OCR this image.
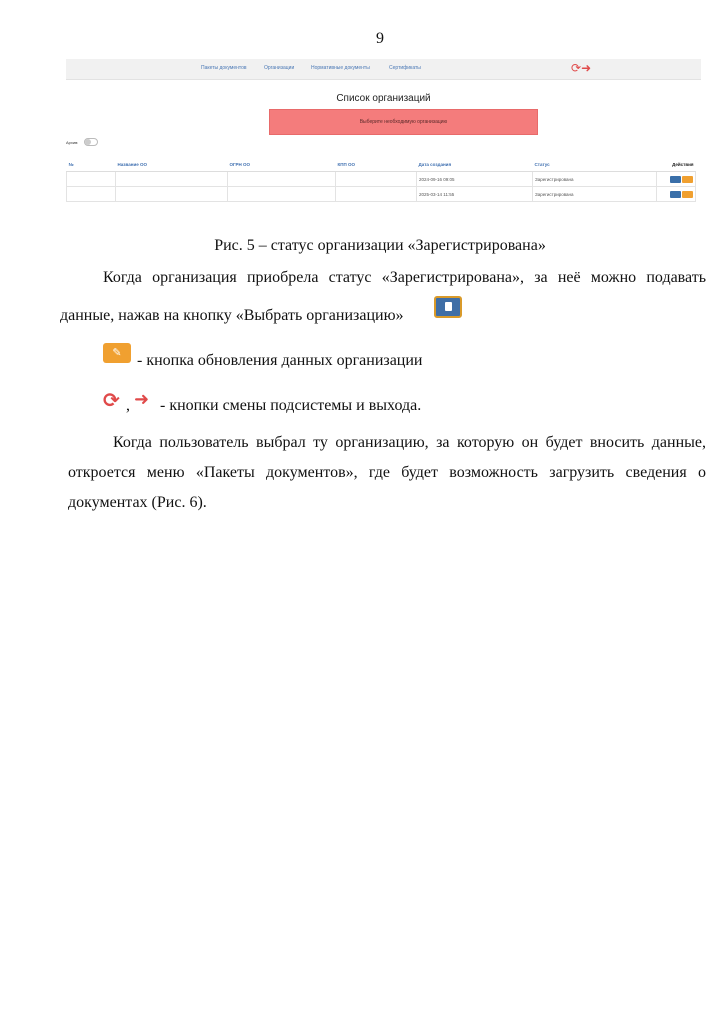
9
Пакеты документов	Организации	Нормативные документы	Сертификаты	⟳➜
Список организаций
Выберите необходимую организацию
Архив:
№	Название ОО	ОГРН ОО	КПП ОО	Дата создания	Статус	Действия
				2024-09-16 09:05	Зарегистрирована	
				2025-03-14 11:55	Зарегистрирована	
Рис. 5 – статус организации «Зарегистрирована»
Когда организация приобрела статус «Зарегистрирована», за неё можно подавать
данные, нажав на кнопку «Выбрать организацию»
✎ - кнопка обновления данных организации
⟳ , ➜ - кнопки смены подсистемы и выхода.
Когда пользователь выбрал ту организацию, за которую он будет вносить данные,
откроется меню «Пакеты документов», где будет возможность загрузить сведения о
документах (Рис. 6).
